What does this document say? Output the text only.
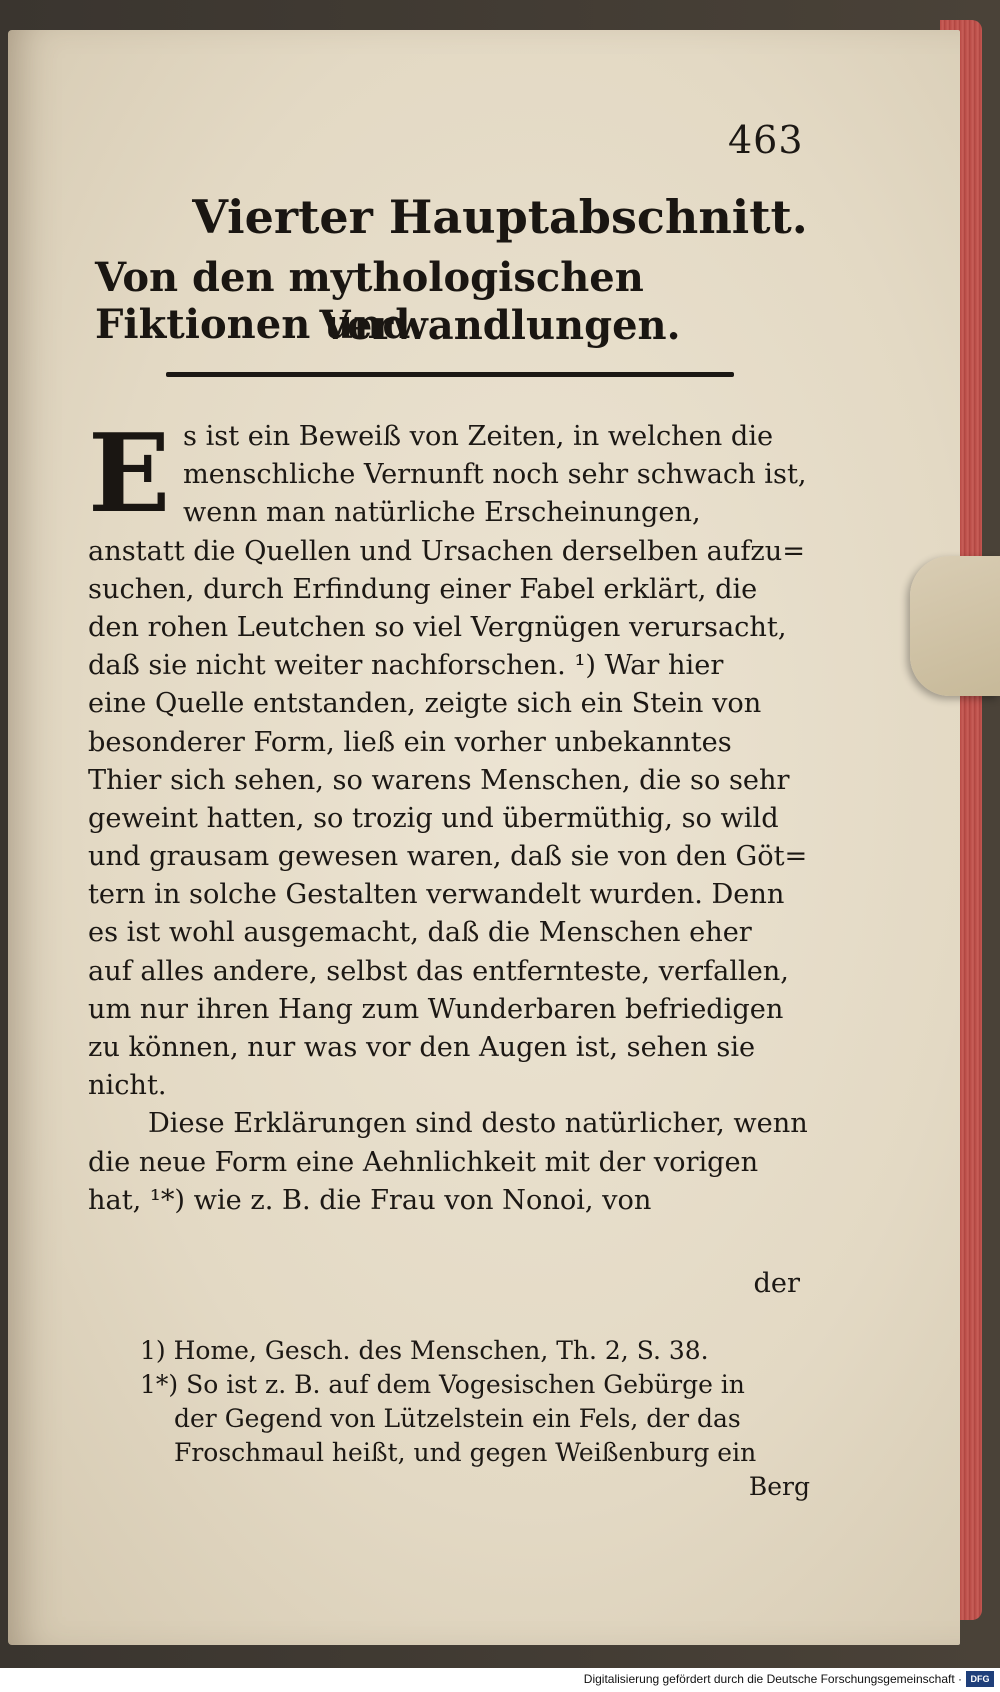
463
Vierter Hauptabschnitt.
Von den mythologischen Fiktionen und
Verwandlungen.
E s ist ein Beweiß von Zeiten, in welchen die
menschliche Vernunft noch sehr schwach ist,
wenn man natürliche Erscheinungen,
anstatt die Quellen und Ursachen derselben aufzu=
suchen, durch Erfindung einer Fabel erklärt, die
den rohen Leutchen so viel Vergnügen verursacht,
daß sie nicht weiter nachforschen. ¹) War hier
eine Quelle entstanden, zeigte sich ein Stein von
besonderer Form, ließ ein vorher unbekanntes
Thier sich sehen, so warens Menschen, die so sehr
geweint hatten, so trozig und übermüthig, so wild
und grausam gewesen waren, daß sie von den Göt=
tern in solche Gestalten verwandelt wurden. Denn
es ist wohl ausgemacht, daß die Menschen eher
auf alles andere, selbst das entfernteste, verfallen,
um nur ihren Hang zum Wunderbaren befriedigen
zu können, nur was vor den Augen ist, sehen sie
nicht.
Diese Erklärungen sind desto natürlicher, wenn
die neue Form eine Aehnlichkeit mit der vorigen
hat, ¹*) wie z. B. die Frau von Nonoi, von
der
1) Home, Gesch. des Menschen, Th. 2, S. 38.
1*) So ist z. B. auf dem Vogesischen Gebürge in
der Gegend von Lützelstein ein Fels, der das
Froschmaul heißt, und gegen Weißenburg ein
Berg
Digitalisierung gefördert durch die Deutsche Forschungsgemeinschaft · DFG
